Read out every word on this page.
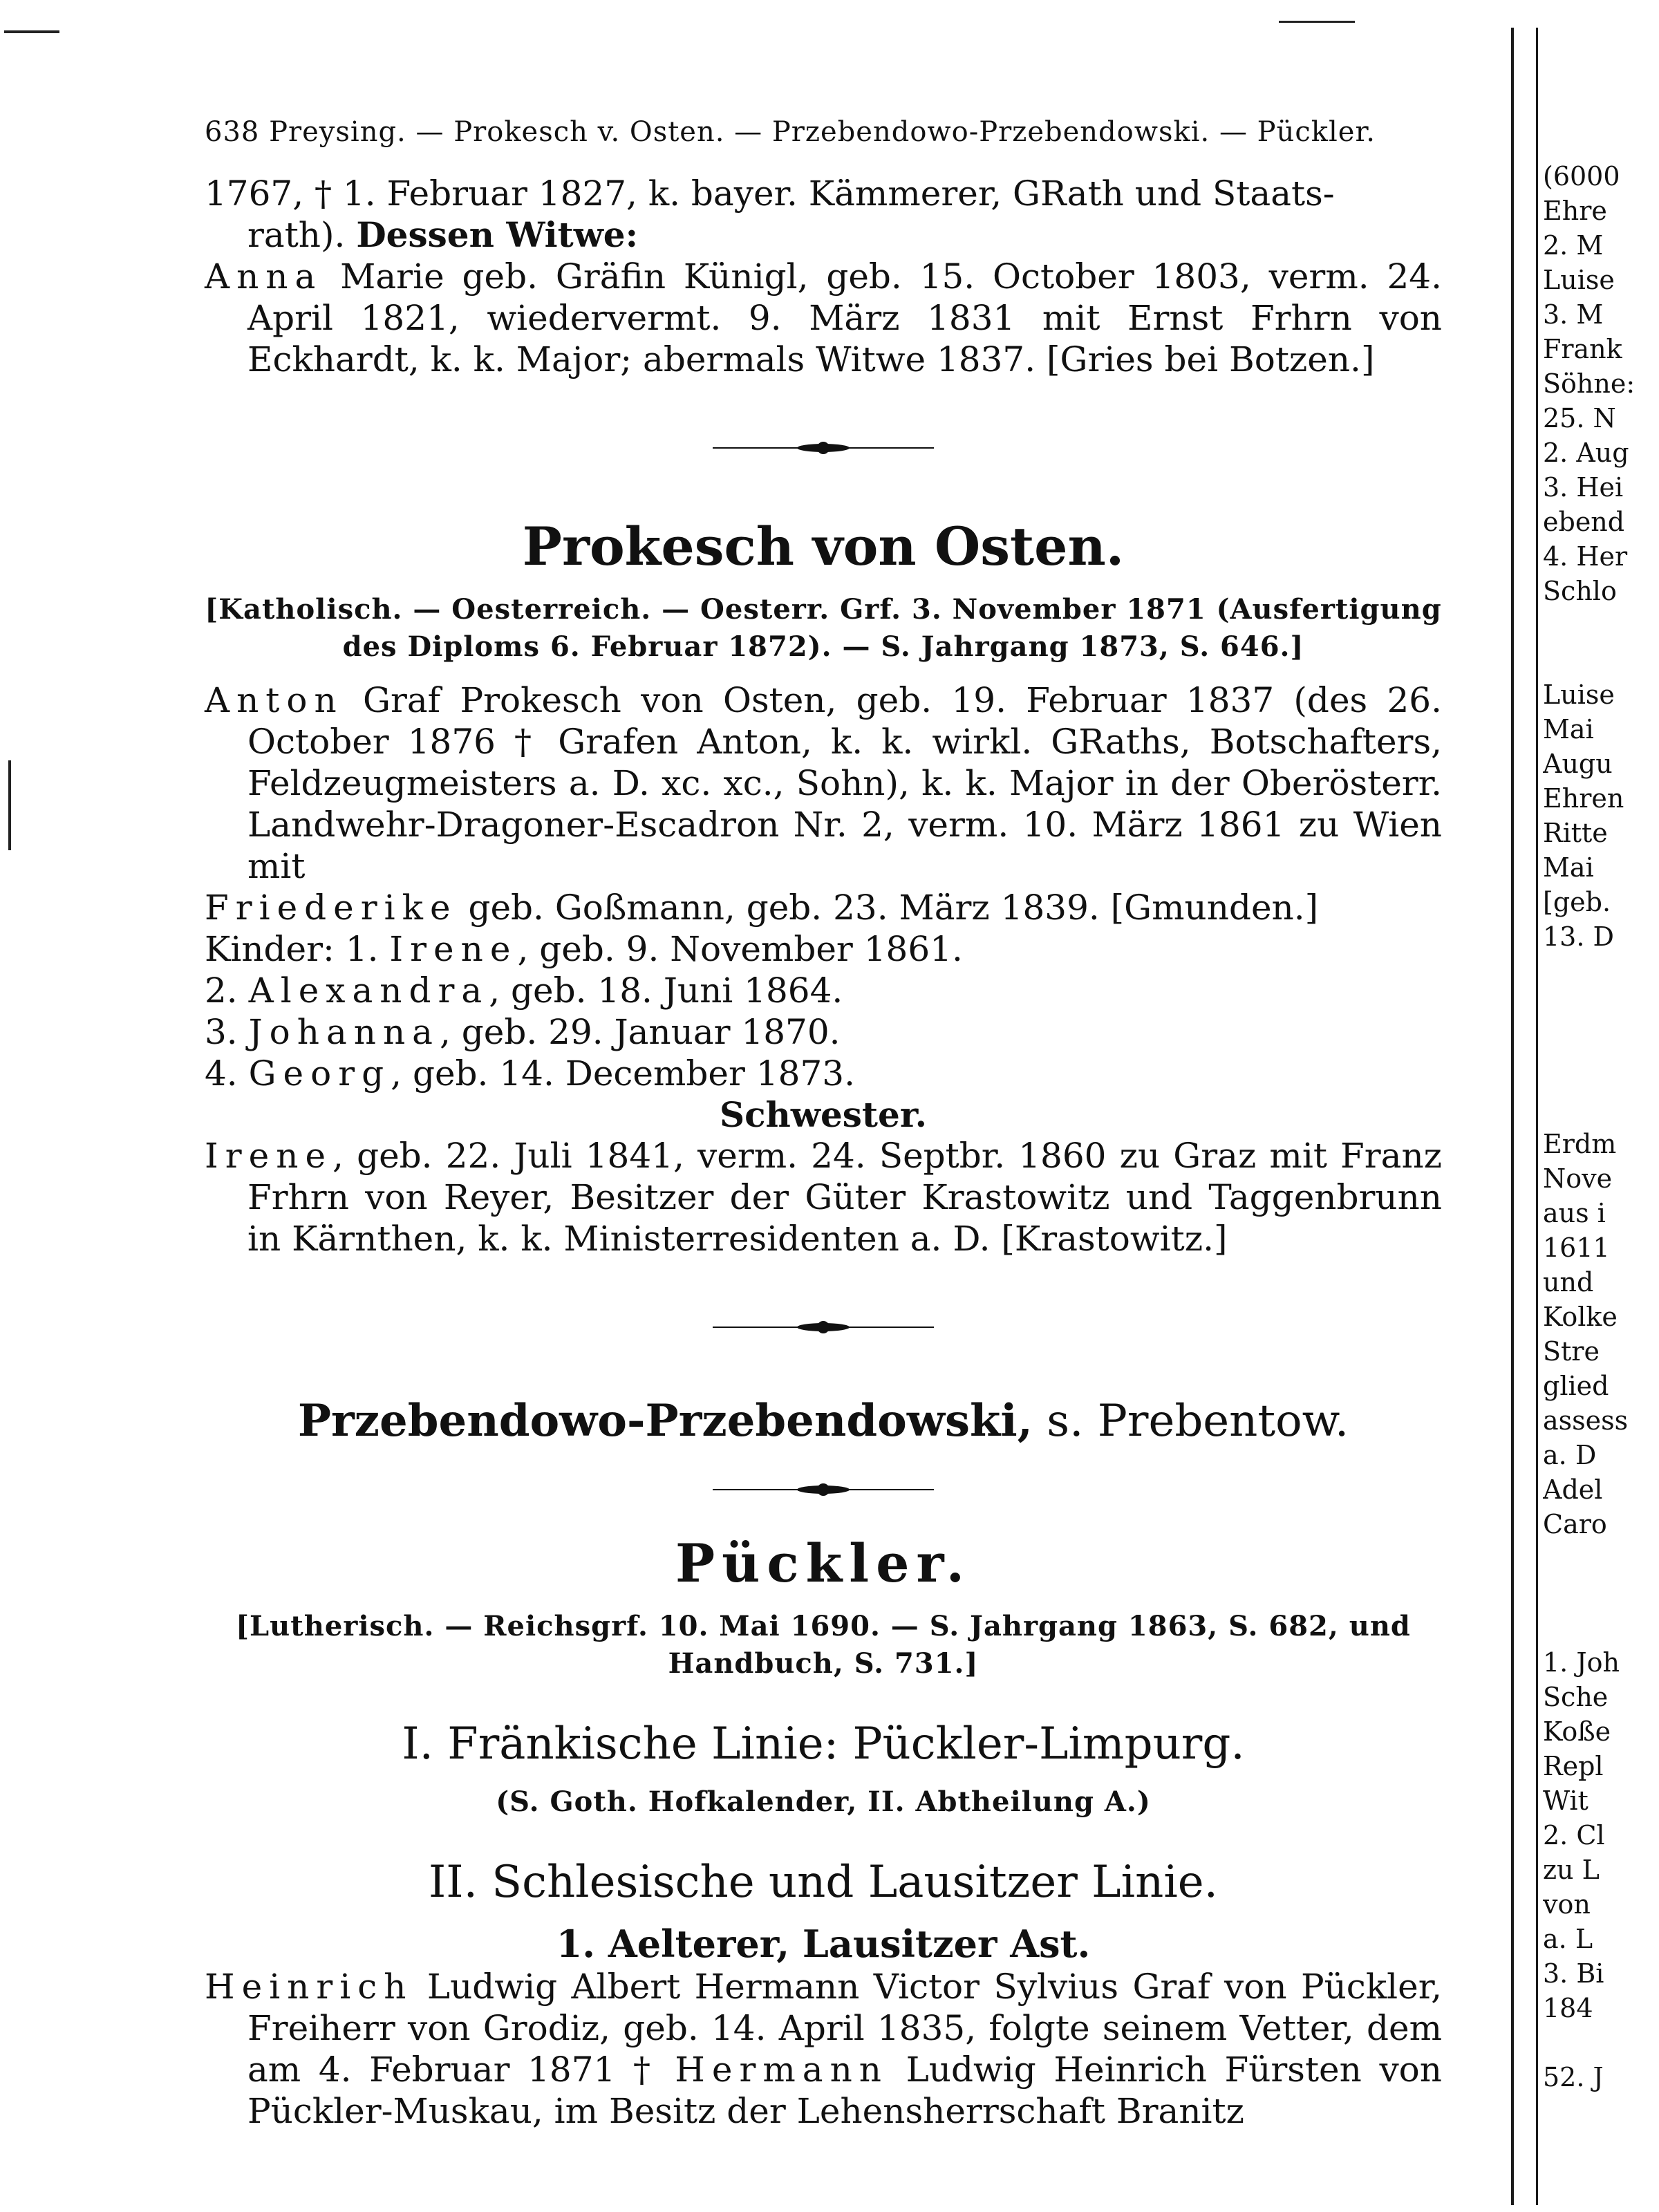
638 Preysing. — Prokesch v. Osten. — Przebendowo-Przebendowski. — Pückler.

1767, † 1. Februar 1827, k. bayer. Kämmerer, GRath und Staats-

rath). Dessen Witwe:

Anna Marie geb. Gräfin Künigl, geb. 15. October 1803, verm. 24. April 1821, wiedervermt. 9. März 1831 mit Ernst Frhrn von Eckhardt, k. k. Major; abermals Witwe 1837. [Gries bei Botzen.]

Prokesch von Osten.

[Katholisch. — Oesterreich. — Oesterr. Grf. 3. November 1871 (Ausfertigung des Diploms 6. Februar 1872). — S. Jahrgang 1873, S. 646.]

Anton Graf Prokesch von Osten, geb. 19. Februar 1837 (des 26. October 1876 † Grafen Anton, k. k. wirkl. GRaths, Botschafters, Feldzeugmeisters a. D. xc. xc., Sohn), k. k. Major in der Oberösterr. Landwehr-Dragoner-Escadron Nr. 2, verm. 10. März 1861 zu Wien mit

Friederike geb. Goßmann, geb. 23. März 1839. [Gmunden.]

Kinder: 1. Irene, geb. 9. November 1861.

2. Alexandra, geb. 18. Juni 1864.

3. Johanna, geb. 29. Januar 1870.

4. Georg, geb. 14. December 1873.

Schwester.

Irene, geb. 22. Juli 1841, verm. 24. Septbr. 1860 zu Graz mit Franz Frhrn von Reyer, Besitzer der Güter Krastowitz und Taggenbrunn in Kärnthen, k. k. Ministerresidenten a. D. [Krastowitz.]

Przebendowo-Przebendowski, s. Prebentow.

Pückler.

[Lutherisch. — Reichsgrf. 10. Mai 1690. — S. Jahrgang 1863, S. 682, und Handbuch, S. 731.]

I. Fränkische Linie: Pückler-Limpurg.

(S. Goth. Hofkalender, II. Abtheilung A.)

II. Schlesische und Lausitzer Linie.

1. Aelterer, Lausitzer Ast.

Heinrich Ludwig Albert Hermann Victor Sylvius Graf von Pückler, Freiherr von Grodiz, geb. 14. April 1835, folgte seinem Vetter, dem am 4. Februar 1871 † Hermann Ludwig Heinrich Fürsten von Pückler-Muskau, im Besitz der Lehensherrschaft Branitz

(6000
Ehre
2. M
Luise
3. M
Frank
Söhne:
25. N
2. Aug
3. Hei
ebend
4. Her
Schlo
Luise
Mai
Augu
Ehren
Ritte
Mai
[geb.
13. D
Erdm
Nove
aus i
1611
und
Kolke
Stre
glied
assess
a. D
Adel
Caro
1. Joh
Sche
Koße
Repl
Wit
2. Cl
zu L
von
a. L
3. Bi
184
52. J
